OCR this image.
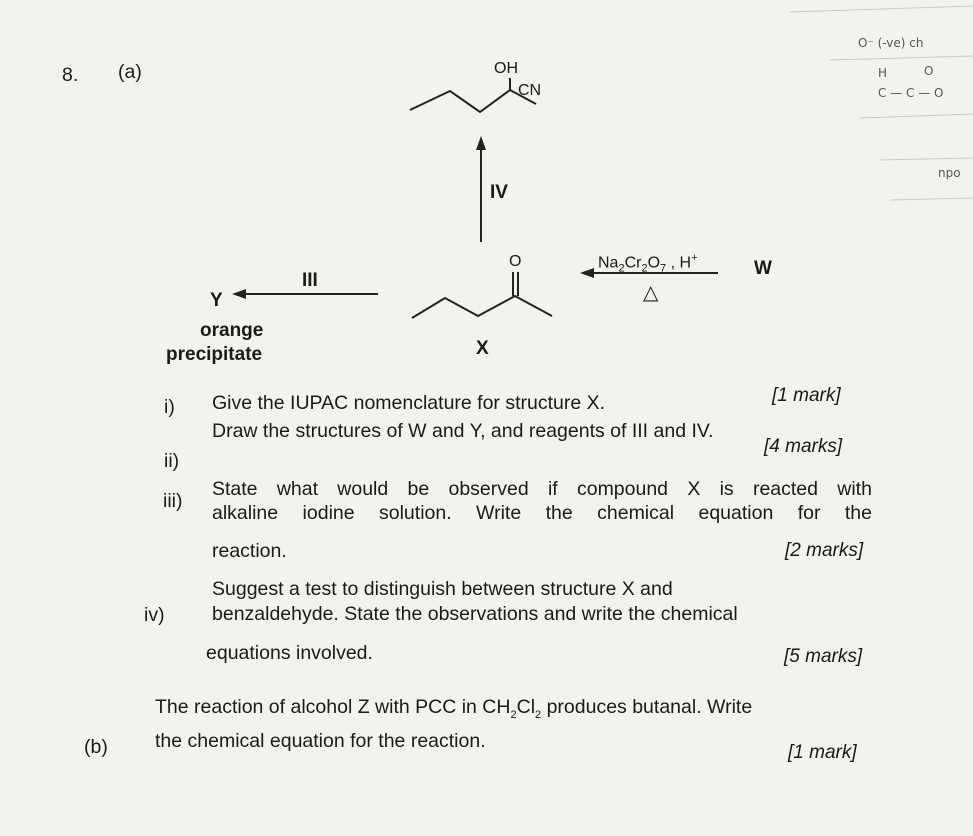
8. (a)	OH
CN
IV
III
Y
orange
precipitate
O
X
$Na_2Cr_2O_7$ , H+
△
W
O⁻ (-ve) ch
H	O
C — C — O
npo
i) Give the IUPAC nomenclature for structure X.	[1 mark]
ii)
Draw the structures of W and Y, and reagents of III and IV.
[4 marks]
iii)
State what would be observed if compound X is reacted with
alkaline iodine solution. Write the chemical equation for the
reaction.	[2 marks]
iv)
Suggest a test to distinguish between structure X and
benzaldehyde. State the observations and write the chemical
equations involved.	[5 marks]
(b)
The reaction of alcohol Z with PCC in $CH_2Cl_2$ produces butanal. Write
the chemical equation for the reaction.
[1 mark]
